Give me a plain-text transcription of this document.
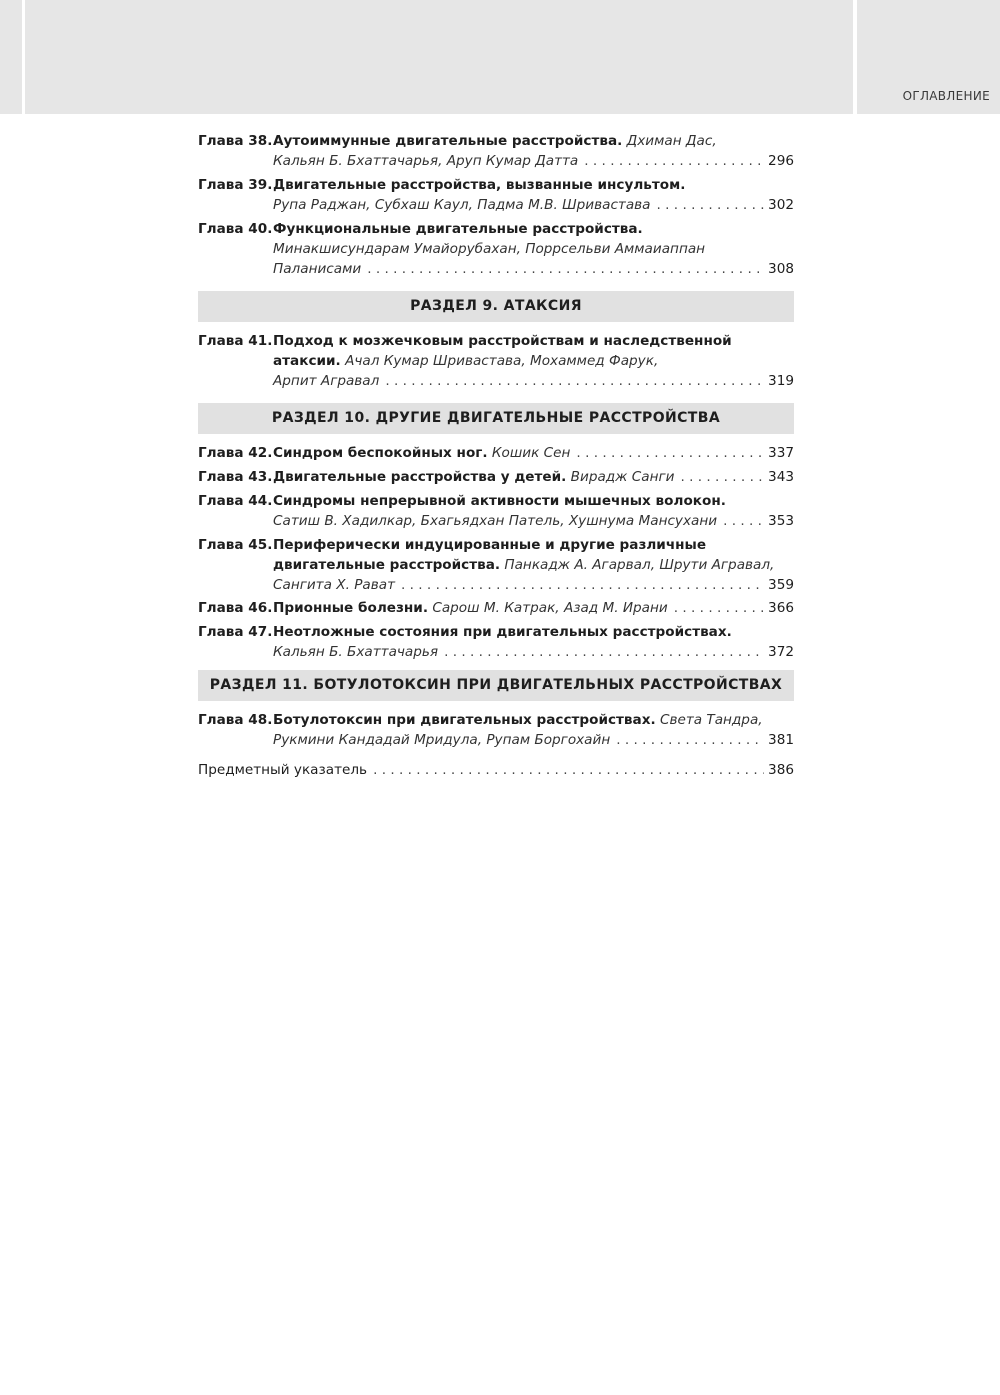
ОГЛАВЛЕНИЕ
Глава 38. Аутоиммунные двигательные расстройства.
Дхиман Дас,
Кальян Б. Бхаттачарья, Аруп Кумар Датта . . .	296
Глава 39. Двигательные расстройства, вызванные инсультом.
Рупа Раджан, Субхаш Каул, Падма М.В. Шривастава . . .	302
Глава 40. Функциональные двигательные расстройства.
Минакшисундарам Умайорубахан, Поррсельви Аммаиаппан
Паланисами . . .	308
РАЗДЕЛ 9. АТАКСИЯ
Глава 41. Подход к мозжечковым расстройствам и наследственной
атаксии.
Ачал Кумар Шривастава, Мохаммед Фарук,
Арпит Агравал . . .	319
РАЗДЕЛ 10. ДРУГИЕ ДВИГАТЕЛЬНЫЕ РАССТРОЙСТВА
Глава 42. Синдром беспокойных ног.
Кошик Сен . . .	337
Глава 43. Двигательные расстройства у детей.
Вирадж Санги . . .	343
Глава 44. Синдромы непрерывной активности мышечных волокон.
Сатиш В. Хадилкар, Бхагьядхан Патель, Хушнума Мансухани . . .	353
Глава 45. Периферически индуцированные и другие различные
двигательные расстройства.
Панкадж А. Агарвал, Шрути Агравал,
Сангита Х. Рават . . .	359
Глава 46. Прионные болезни.
Сарош М. Катрак, Азад М. Ирани . . .	366
Глава 47. Неотложные состояния при двигательных расстройствах.
Кальян Б. Бхаттачарья . . .	372
РАЗДЕЛ 11. БОТУЛОТОКСИН ПРИ ДВИГАТЕЛЬНЫХ РАССТРОЙСТВАХ
Глава 48. Ботулотоксин при двигательных расстройствах.
Света Тандра,
Рукмини Кандадай Мридула, Рупам Боргохайн . . .	381
Предметный указатель . . .	386
